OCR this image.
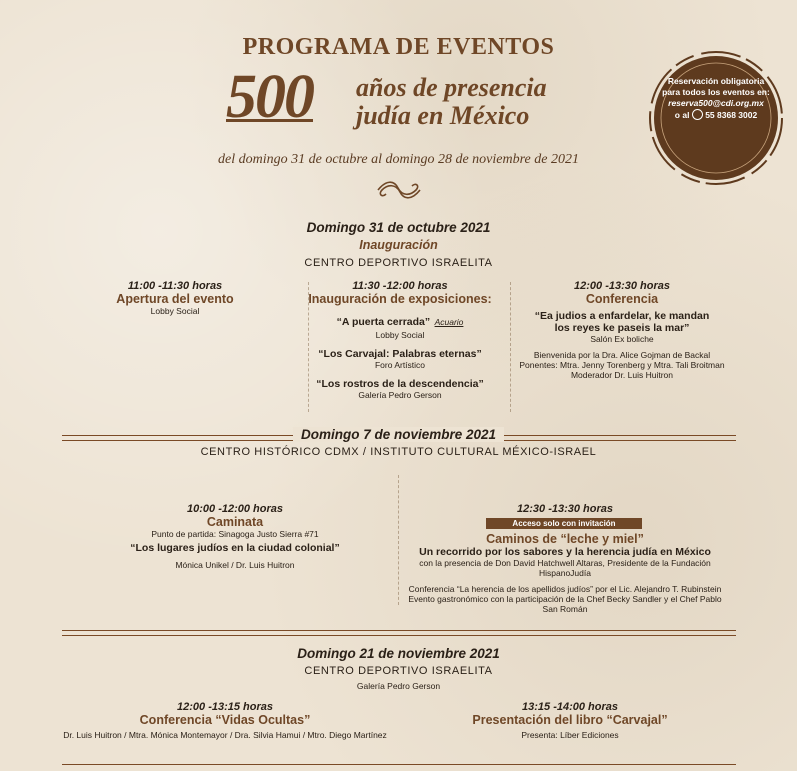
PROGRAMA DE EVENTOS
500 años de presencia
judía en México
del domingo 31 de octubre al domingo 28 de noviembre de 2021
Reservación obligatoria
para todos los eventos en:
reserva500@cdi.org.mx
o al 55 8368 3002
Domingo 31 de octubre 2021
Inauguración
CENTRO DEPORTIVO ISRAELITA
11:00 -11:30 horas
Apertura del evento
Lobby Social
11:30 -12:00 horas
Inauguración de exposiciones:
“A puerta cerrada” Acuario
Lobby Social
“Los Carvajal: Palabras eternas”
Foro Artístico
“Los rostros de la descendencia”
Galería Pedro Gerson
12:00 -13:30 horas
Conferencia
“Ea judios a enfardelar, ke mandan
los reyes ke paseis la mar”
Salón Ex boliche
Bienvenida por la Dra. Alice Gojman de Backal
Ponentes: Mtra. Jenny Torenberg y Mtra. Tali Broitman
Moderador Dr. Luis Huitron
Domingo 7 de noviembre 2021
CENTRO HISTÓRICO CDMX / INSTITUTO CULTURAL MÉXICO-ISRAEL
10:00 -12:00 horas
Caminata
Punto de partida: Sinagoga Justo Sierra #71
“Los lugares judíos en la ciudad colonial”
Mónica Unikel / Dr. Luis Huitron
12:30 -13:30 horas
Acceso solo con invitación
Caminos de “leche y miel”
Un recorrido por los sabores y la herencia judía en México
con la presencia de Don David Hatchwell Altaras, Presidente de la Fundación HispanoJudía
Conferencia “La herencia de los apellidos judíos” por el Lic. Alejandro T. Rubinstein
Evento gastronómico con la participación de la Chef Becky Sandler y el Chef Pablo San Román
Domingo 21 de noviembre 2021
CENTRO DEPORTIVO ISRAELITA
Galería Pedro Gerson
12:00 -13:15 horas
Conferencia “Vidas Ocultas”
Dr. Luis Huitron / Mtra. Mónica Montemayor / Dra. Silvia Hamui / Mtro. Diego Martínez
13:15 -14:00 horas
Presentación del libro “Carvajal”
Presenta: Líber Ediciones
